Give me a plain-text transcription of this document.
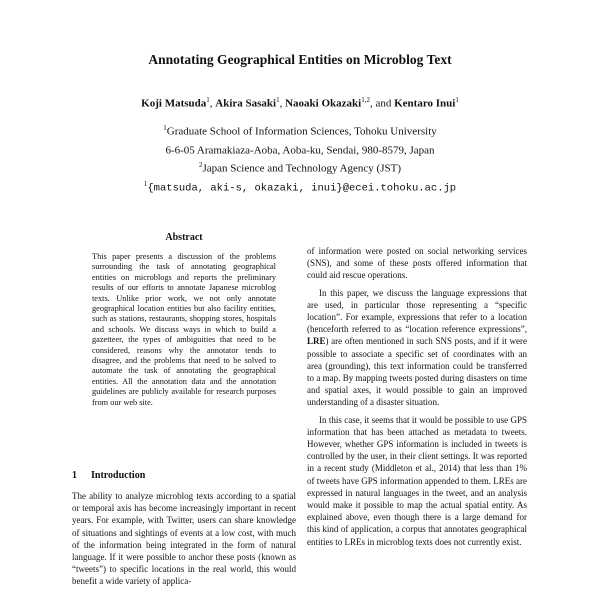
Annotating Geographical Entities on Microblog Text
Koji Matsuda$^1$, Akira Sasaki$^1$, Naoaki Okazaki$^{1,2}$, and Kentaro Inui$^1$
$^1$Graduate School of Information Sciences, Tohoku University
6-6-05 Aramakiaza-Aoba, Aoba-ku, Sendai, 980-8579, Japan
$^2$Japan Science and Technology Agency (JST)
$^1${matsuda, aki-s, okazaki, inui}@ecei.tohoku.ac.jp
Abstract
This paper presents a discussion of the problems surrounding the task of annotating geographical entities on microblogs and reports the preliminary results of our efforts to annotate Japanese microblog texts. Unlike prior work, we not only annotate geographical location entities but also facility entities, such as stations, restaurants, shopping stores, hospitals and schools. We discuss ways in which to build a gazetteer, the types of ambiguities that need to be considered, reasons why the annotator tends to disagree, and the problems that need to be solved to automate the task of annotating the geographical entities. All the annotation data and the annotation guidelines are publicly available for research purposes from our web site.
1 Introduction

The ability to analyze microblog texts according to a spatial or temporal axis has become increasingly important in recent years. For example, with Twitter, users can share knowledge of situations and sightings of events at a low cost, with much of the information being integrated in the form of natural language. If it were possible to anchor these posts (known as “tweets”) to specific locations in the real world, this would benefit a wide variety of applica-

of information were posted on social networking services (SNS), and some of these posts offered information that could aid rescue operations.

In this paper, we discuss the language expressions that are used, in particular those representing a “specific location”. For example, expressions that refer to a location (henceforth referred to as “location reference expressions”, LRE) are often mentioned in such SNS posts, and if it were possible to associate a specific set of coordinates with an area (grounding), this text information could be transferred to a map. By mapping tweets posted during disasters on time and spatial axes, it would possible to gain an improved understanding of a disaster situation.

In this case, it seems that it would be possible to use GPS information that has been attached as metadata to tweets. However, whether GPS information is included in tweets is controlled by the user, in their client settings. It was reported in a recent study (Middleton et al., 2014) that less than 1% of tweets have GPS information appended to them. LREs are expressed in natural languages in the tweet, and an analysis would make it possible to map the actual spatial entity. As explained above, even though there is a large demand for this kind of application, a corpus that annotates geographical entities to LREs in microblog texts does not currently exist.
